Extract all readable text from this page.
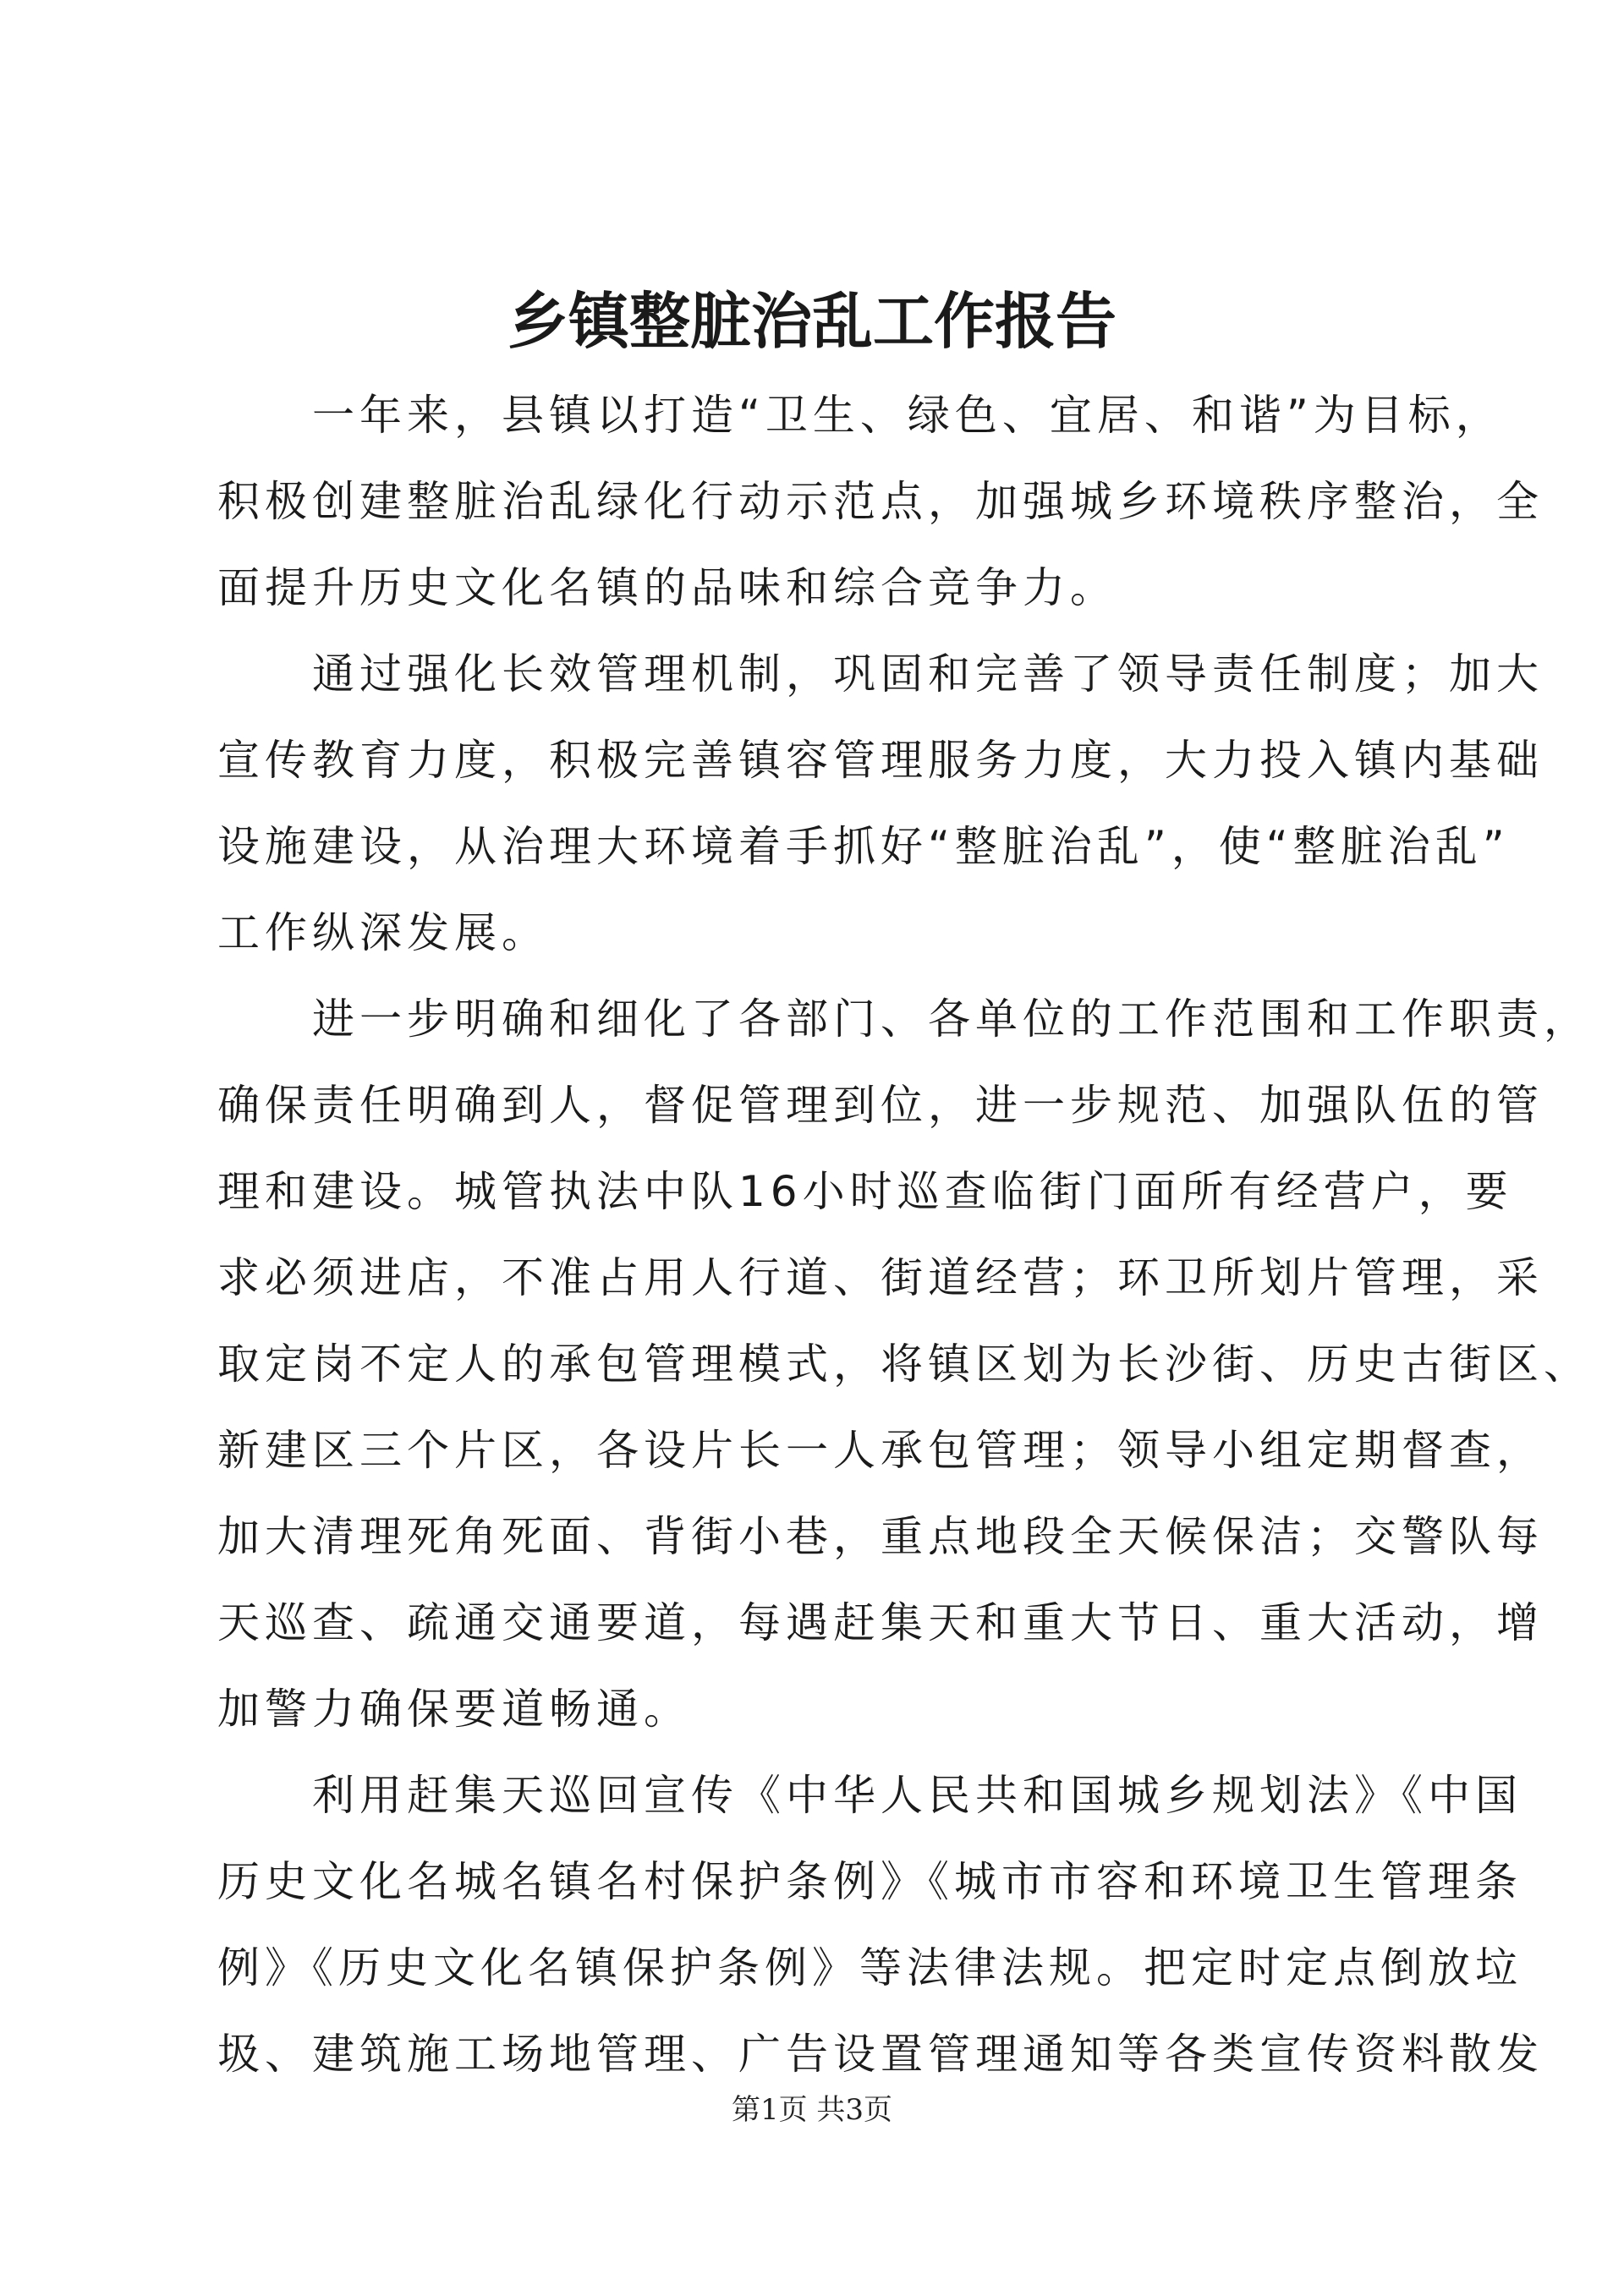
乡镇整脏治乱工作报告

　　一年来，县镇以打造“卫生、绿色、宜居、和谐”为目标，
积极创建整脏治乱绿化行动示范点，加强城乡环境秩序整治，全
面提升历史文化名镇的品味和综合竞争力。

　　通过强化长效管理机制，巩固和完善了领导责任制度；加大
宣传教育力度，积极完善镇容管理服务力度，大力投入镇内基础
设施建设，从治理大环境着手抓好“整脏治乱”，使“整脏治乱”
工作纵深发展。

　　进一步明确和细化了各部门、各单位的工作范围和工作职责，
确保责任明确到人，督促管理到位，进一步规范、加强队伍的管
理和建设。城管执法中队16小时巡查临街门面所有经营户，要
求必须进店，不准占用人行道、街道经营；环卫所划片管理，采
取定岗不定人的承包管理模式，将镇区划为长沙街、历史古街区、
新建区三个片区，各设片长一人承包管理；领导小组定期督查，
加大清理死角死面、背街小巷，重点地段全天候保洁；交警队每
天巡查、疏通交通要道，每遇赶集天和重大节日、重大活动，增
加警力确保要道畅通。

　　利用赶集天巡回宣传《中华人民共和国城乡规划法》《中国
历史文化名城名镇名村保护条例》《城市市容和环境卫生管理条
例》《历史文化名镇保护条例》等法律法规。把定时定点倒放垃
圾、建筑施工场地管理、广告设置管理通知等各类宣传资料散发

第1页 共3页
